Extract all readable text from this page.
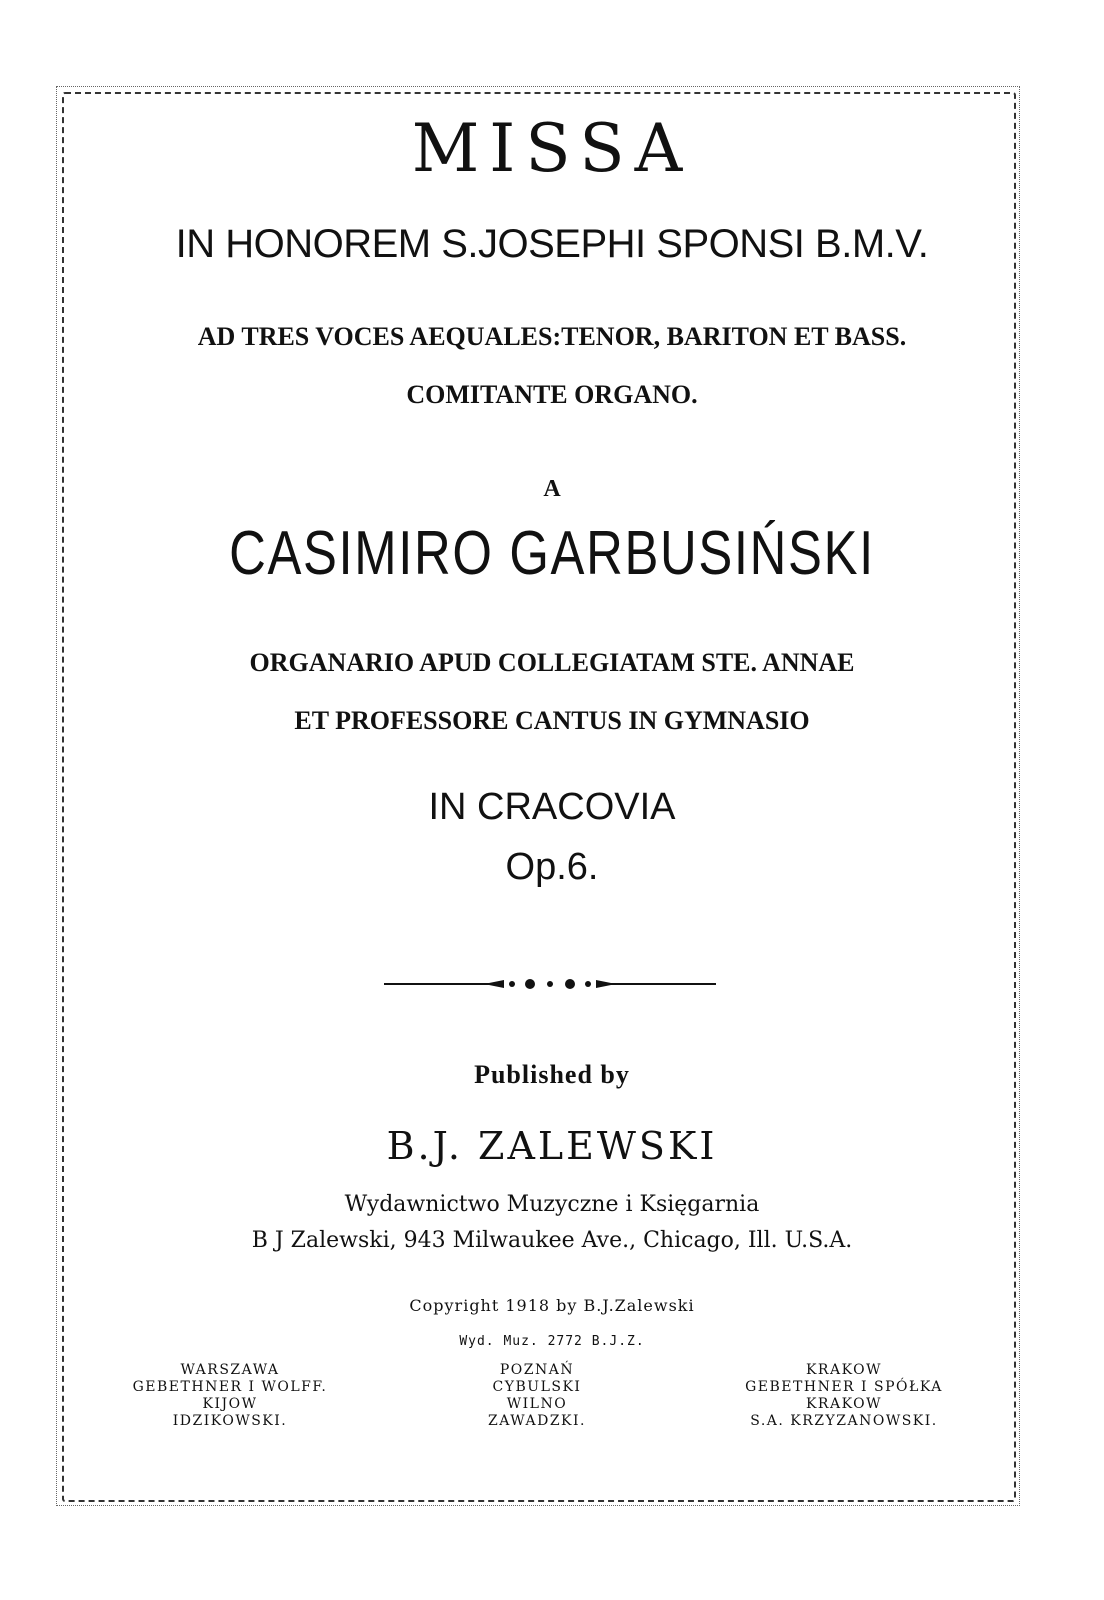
MISSA
IN HONOREM S.JOSEPHI SPONSI B.M.V.
AD TRES VOCES AEQUALES:TENOR, BARITON ET BASS.
COMITANTE ORGANO.
A
CASIMIRO GARBUSIŃSKI
ORGANARIO APUD COLLEGIATAM STE. ANNAE
ET PROFESSORE CANTUS IN GYMNASIO
IN CRACOVIA
Op.6.
Published by
B.J. ZALEWSKI
Wydawnictwo Muzyczne i Księgarnia
B J Zalewski, 943 Milwaukee Ave., Chicago, Ill. U.S.A.
Copyright 1918 by B.J.Zalewski
Wyd. Muz. 2772 B.J.Z.
WARSZAWA
GEBETHNER I WOLFF.
KIJOW
IDZIKOWSKI.
POZNAŃ
CYBULSKI
WILNO
ZAWADZKI.
KRAKOW
GEBETHNER I SPÓŁKA
KRAKOW
S.A. KRZYZANOWSKI.
